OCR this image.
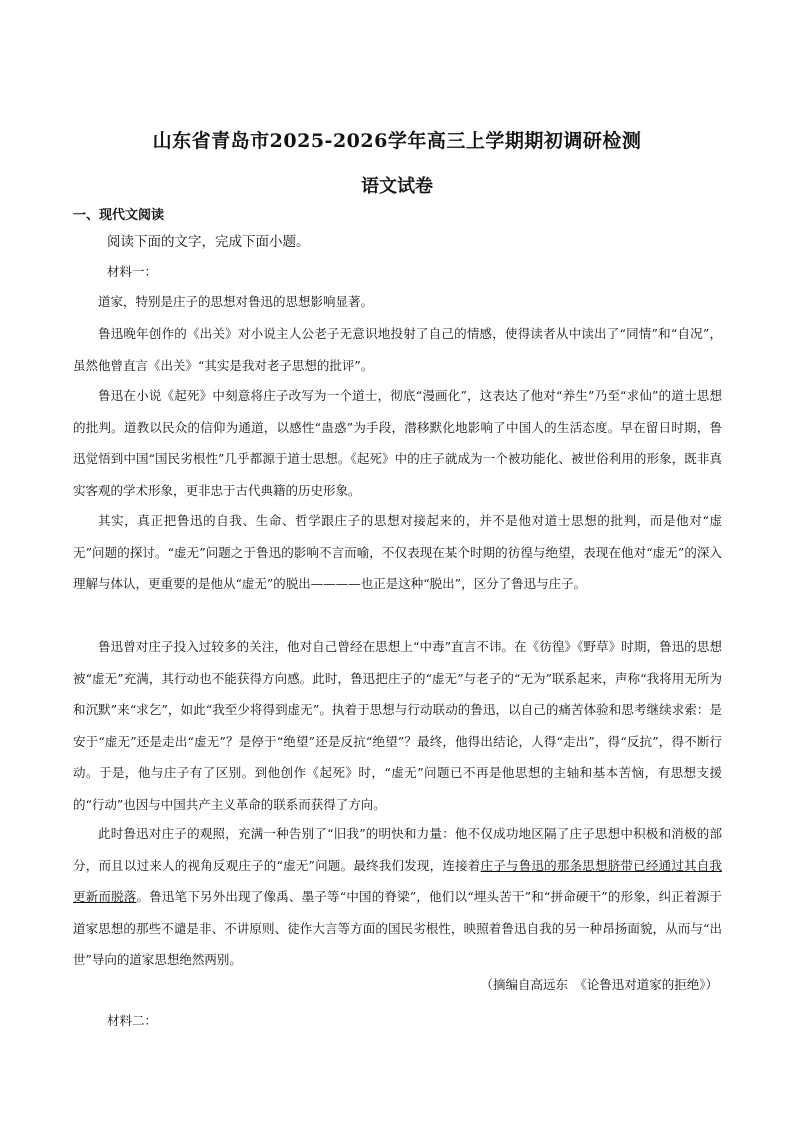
山东省青岛市2025-2026学年高三上学期期初调研检测
语文试卷
一、现代文阅读
阅读下面的文字，完成下面小题。
材料一：

道家，特别是庄子的思想对鲁迅的思想影响显著。

鲁迅晚年创作的《出关》对小说主人公老子无意识地投射了自己的情感，使得读者从中读出了“同情”和“自况”，虽然他曾直言《出关》“其实是我对老子思想的批评”。

鲁迅在小说《起死》中刻意将庄子改写为一个道士，彻底“漫画化”，这表达了他对“养生”乃至“求仙”的道士思想的批判。道教以民众的信仰为通道，以感性“蛊惑”为手段，潜移默化地影响了中国人的生活态度。早在留日时期，鲁迅觉悟到中国“国民劣根性”几乎都源于道士思想。《起死》中的庄子就成为一个被功能化、被世俗利用的形象，既非真实客观的学术形象，更非忠于古代典籍的历史形象。

其实，真正把鲁迅的自我、生命、哲学跟庄子的思想对接起来的，并不是他对道士思想的批判，而是他对“虚无”问题的探讨。“虚无”问题之于鲁迅的影响不言而喻，不仅表现在某个时期的彷徨与绝望，表现在他对“虚无”的深入理解与体认，更重要的是他从“虚无”的脱出————也正是这种“脱出”，区分了鲁迅与庄子。

鲁迅曾对庄子投入过较多的关注，他对自己曾经在思想上“中毒”直言不讳。在《彷徨》《野草》时期，鲁迅的思想被“虚无”充满，其行动也不能获得方向感。此时，鲁迅把庄子的“虚无”与老子的“无为”联系起来，声称“我将用无所为和沉默”来“求乞”，如此“我至少将得到虚无”。执着于思想与行动联动的鲁迅，以自己的痛苦体验和思考继续求索：是安于“虚无”还是走出“虚无”？是停于“绝望”还是反抗“绝望”？最终，他得出结论，人得“走出”，得“反抗”，得不断行动。于是，他与庄子有了区别。到他创作《起死》时，“虚无”问题已不再是他思想的主轴和基本苦恼，有思想支援的“行动”也因与中国共产主义革命的联系而获得了方向。

此时鲁迅对庄子的观照，充满一种告别了“旧我”的明快和力量：他不仅成功地区隔了庄子思想中积极和消极的部分，而且以过来人的视角反观庄子的“虚无”问题。最终我们发现，连接着庄子与鲁迅的那条思想脐带已经通过其自我更新而脱落。鲁迅笔下另外出现了像禹、墨子等“中国的脊梁”，他们以“埋头苦干”和“拼命硬干”的形象，纠正着源于道家思想的那些不谴是非、不讲原则、徒作大言等方面的国民劣根性，映照着鲁迅自我的另一种昂扬面貌，从而与“出世”导向的道家思想绝然两别。

（摘编自高远东　《论鲁迅对道家的拒绝》）
材料二：
